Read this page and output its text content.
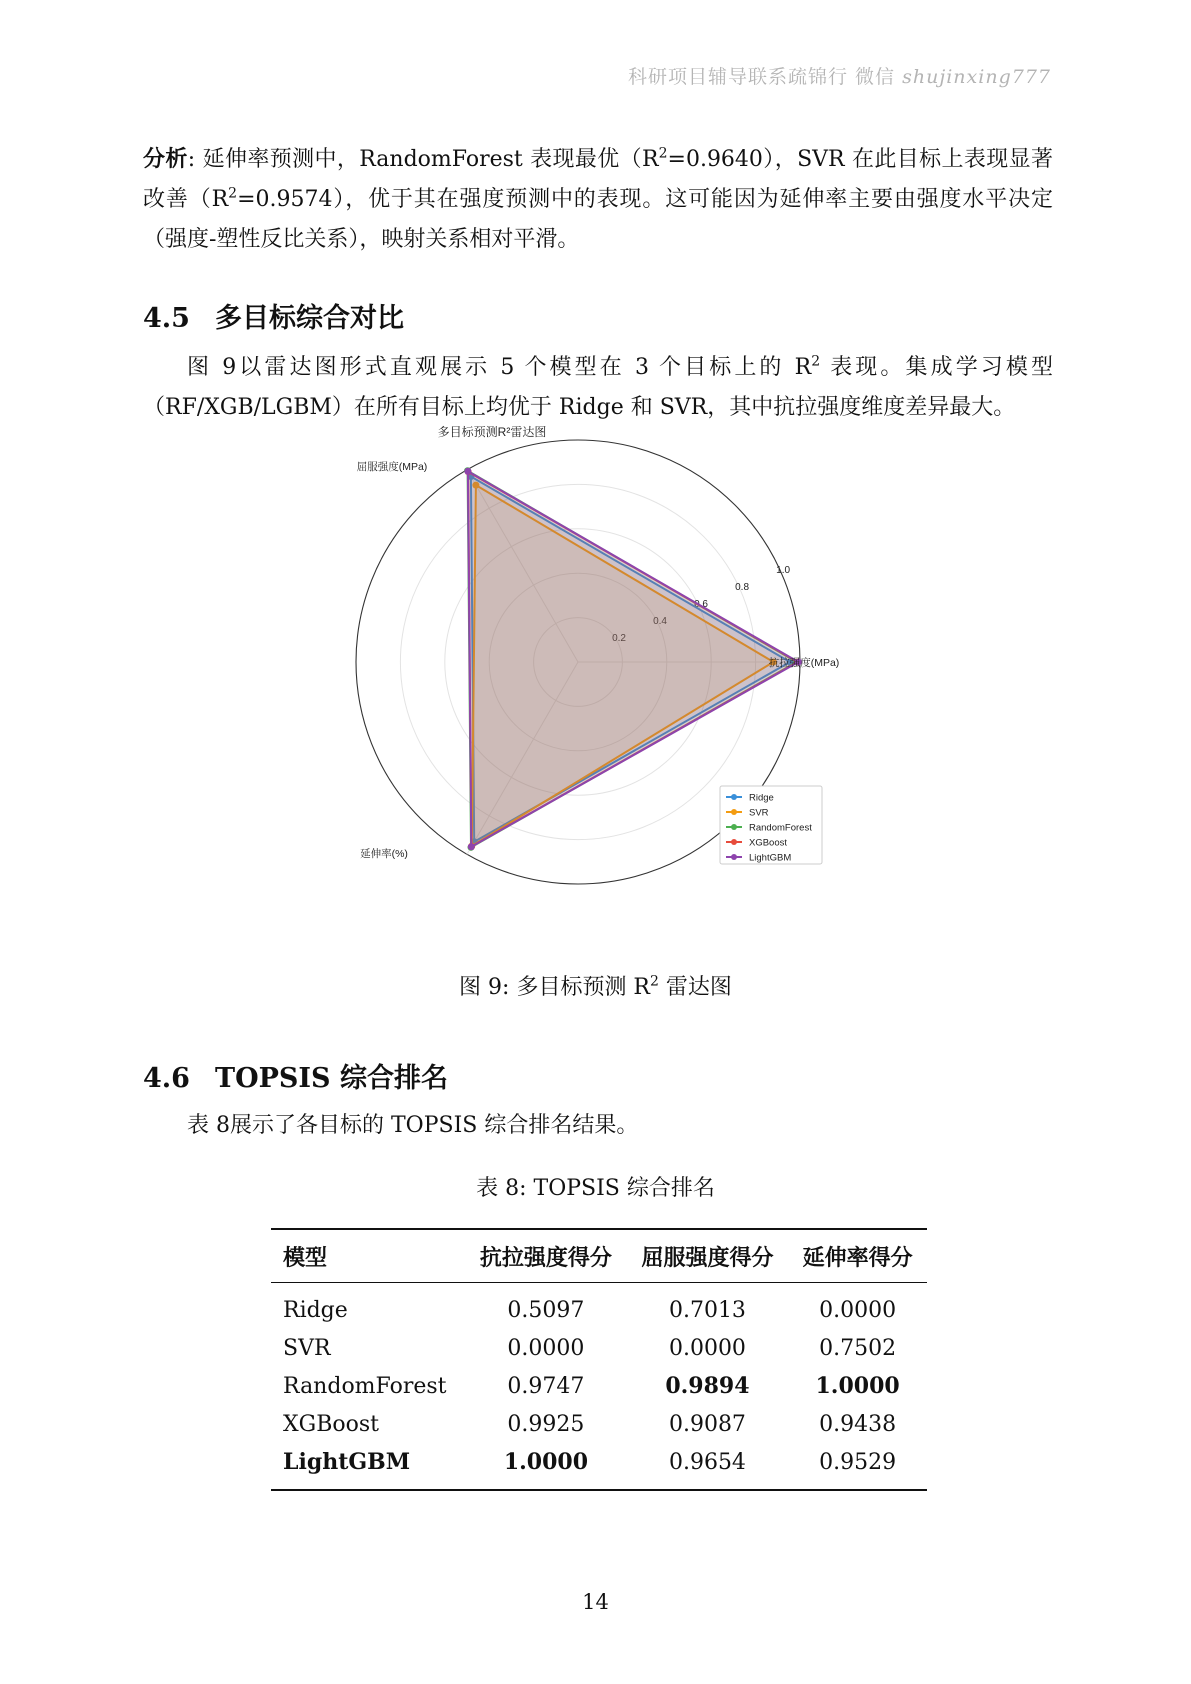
科研项目辅导联系疏锦行 微信 shujinxing777

分析: 延伸率预测中，RandomForest 表现最优$(R^2=0.9640)$，SVR 在此目标上表现显著改善$(R^2=0.9574)$，优于其在强度预测中的表现。这可能因为延伸率主要由强度水平决定（强度-塑性反比关系），映射关系相对平滑。

4.5 多目标综合对比

图 9以雷达图形式直观展示 5 个模型在 3 个目标上的 $R^2$ 表现。集成学习模型（RF/XGB/LGBM）在所有目标上均优于 Ridge 和 SVR，其中抗拉强度维度差异最大。

多目标预测R²雷达图
0.2
0.4
0.6
0.8
1.0
抗拉强度(MPa)
屈服强度(MPa)
延伸率(%)
Ridge
SVR
RandomForest
XGBoost
LightGBM
图 9: 多目标预测 $R^2$ 雷达图
4.6 TOPSIS 综合排名

表 8展示了各目标的 TOPSIS 综合排名结果。

表 8: TOPSIS 综合排名
模型	抗拉强度得分	屈服强度得分	延伸率得分
Ridge	0.5097	0.7013	0.0000
SVR	0.0000	0.0000	0.7502
RandomForest	0.9747	0.9894	1.0000
XGBoost	0.9925	0.9087	0.9438
LightGBM	1.0000	0.9654	0.9529
14
